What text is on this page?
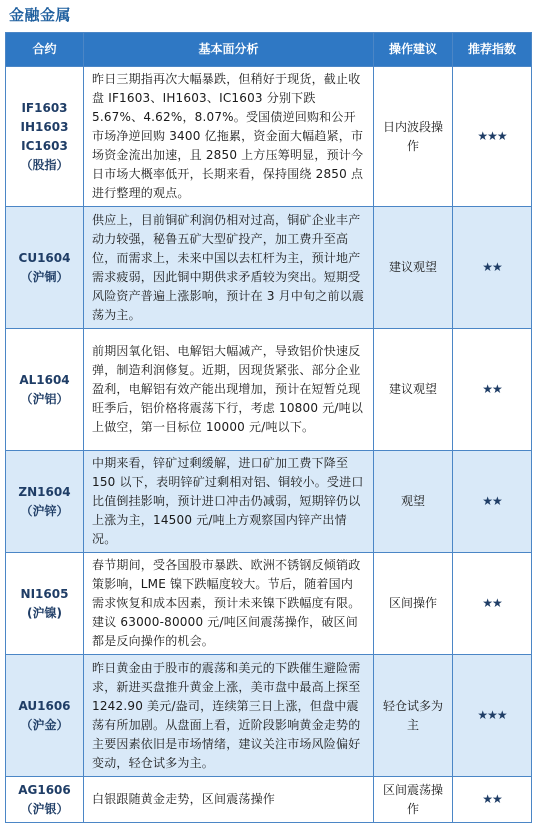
金融金属
合约	基本面分析	操作建议	推荐指数
IF1603
IH1603
IC1603
（股指）	昨日三期指再次大幅暴跌，但稍好于现货，截止收盘 IF1603、IH1603、IC1603 分别下跌 5.67%、4.62%，8.07%。受国债逆回购和公开市场净逆回购 3400 亿拖累，资金面大幅趋紧，市场资金流出加速，且 2850 上方压筹明显，预计今日市场大概率低开，长期来看，保持围绕 2850 点进行整理的观点。	日内波段操作	★★★
CU1604
（沪铜）	供应上，目前铜矿利润仍相对过高，铜矿企业丰产动力较强，秘鲁五矿大型矿投产，加工费升至高位，而需求上，未来中国以去杠杆为主，预计地产需求疲弱，因此铜中期供求矛盾较为突出。短期受风险资产普遍上涨影响，预计在 3 月中旬之前以震荡为主。	建议观望	★★
AL1604
（沪铝）	前期因氧化铝、电解铝大幅减产，导致铝价快速反弹，制造利润修复。近期，因现货紧张、部分企业盈利，电解铝有效产能出现增加，预计在短暂兑现旺季后，铝价格将震荡下行，考虑 10800 元/吨以上做空，第一目标位 10000 元/吨以下。	建议观望	★★
ZN1604
（沪锌）	中期来看，锌矿过剩缓解，进口矿加工费下降至 150 以下，表明锌矿过剩相对铝、铜较小。受进口比值倒挂影响，预计进口冲击仍减弱，短期锌仍以上涨为主，14500 元/吨上方观察国内锌产出情况。	观望	★★
NI1605
(沪镍)	春节期间，受各国股市暴跌、欧洲不锈钢反倾销政策影响，LME 镍下跌幅度较大。节后，随着国内需求恢复和成本因素，预计未来镍下跌幅度有限。建议 63000-80000 元/吨区间震荡操作，破区间都是反向操作的机会。	区间操作	★★
AU1606
（沪金）	昨日黄金由于股市的震荡和美元的下跌催生避险需求，新进买盘推升黄金上涨，美市盘中最高上探至 1242.90 美元/盎司，连续第三日上涨，但盘中震荡有所加剧。从盘面上看，近阶段影响黄金走势的主要因素依旧是市场情绪，建议关注市场风险偏好变动，轻仓试多为主。	轻仓试多为主	★★★
AG1606
（沪银）	白银跟随黄金走势，区间震荡操作	区间震荡操作	★★
